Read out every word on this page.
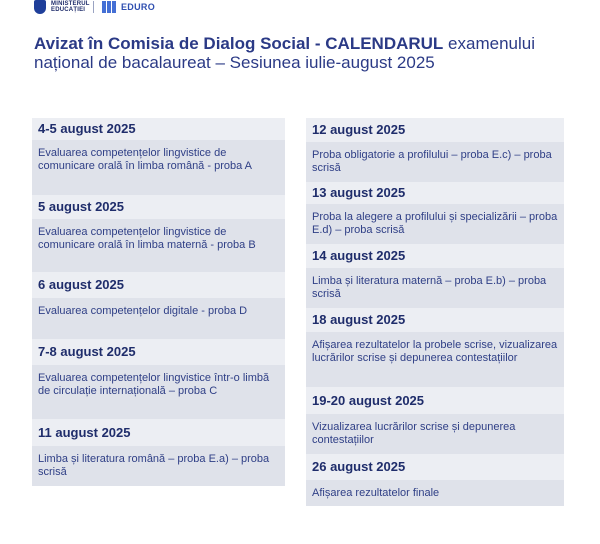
MINISTERUL EDUCAȚIEI	EDURO
Avizat în Comisia de Dialog Social - CALENDARUL examenului național de bacalaureat – Sesiunea iulie-august 2025
4-5 august 2025
Evaluarea competențelor lingvistice de comunicare orală în limba română - proba A
5 august 2025
Evaluarea competențelor lingvistice de comunicare orală în limba maternă - proba B
6 august 2025
Evaluarea competențelor digitale - proba D
7-8 august 2025
Evaluarea competențelor lingvistice într-o limbă de circulație internațională – proba C
11 august 2025
Limba și literatura română – proba E.a) – proba scrisă
12 august 2025
Proba obligatorie a profilului – proba E.c) – proba scrisă
13 august 2025
Proba la alegere a profilului și specializării – proba E.d) – proba scrisă
14 august 2025
Limba și literatura maternă – proba E.b) – proba scrisă
18 august 2025
Afișarea rezultatelor la probele scrise, vizualizarea lucrărilor scrise și depunerea contestațiilor
19-20 august 2025
Vizualizarea lucrărilor scrise și depunerea contestațiilor
26 august 2025
Afișarea rezultatelor finale
